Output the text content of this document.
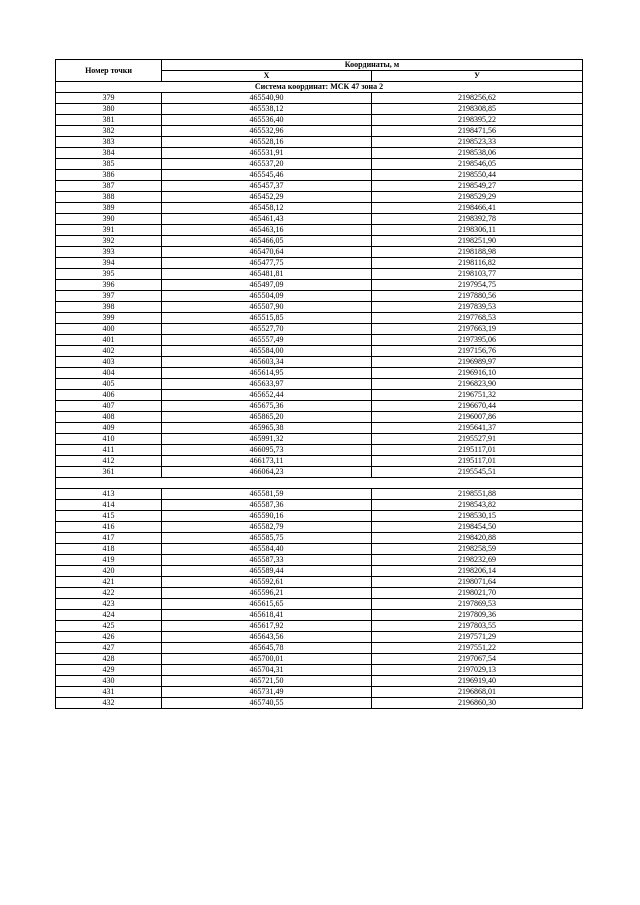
Номер точки	Координаты, м	
	Х	У
Система координат: МСК 47 зона 2		
379	465540,90	2198256,62
380	465538,12	2198308,85
381	465536,40	2198395,22
382	465532,96	2198471,56
383	465528,16	2198523,33
384	465531,91	2198538,06
385	465537,20	2198546,05
386	465545,46	2198550,44
387	465457,37	2198549,27
388	465452,29	2198529,29
389	465458,12	2198466,41
390	465461,43	2198392,78
391	465463,16	2198306,11
392	465466,05	2198251,90
393	465470,64	2198188,98
394	465477,75	2198116,82
395	465481,81	2198103,77
396	465497,09	2197954,75
397	465504,09	2197880,56
398	465507,90	2197839,53
399	465515,85	2197768,53
400	465527,70	2197663,19
401	465557,49	2197395,06
402	465584,00	2197156,76
403	465603,34	2196989,97
404	465614,95	2196916,10
405	465633,97	2196823,90
406	465652,44	2196751,32
407	465675,36	2196670,44
408	465865,20	2196007,86
409	465965,38	2195641,37
410	465991,32	2195527,91
411	466095,73	2195117,01
412	466173,11	2195117,01
361	466064,23	2195545,51

413	465581,59	2198551,88
414	465587,36	2198543,82
415	465590,16	2198530,15
416	465582,79	2198454,50
417	465585,75	2198420,88
418	465584,40	2198258,59
419	465587,33	2198232,69
420	465589,44	2198206,14
421	465592,61	2198071,64
422	465596,21	2198021,70
423	465615,65	2197869,53
424	465618,41	2197809,36
425	465617,92	2197803,55
426	465643,56	2197571,29
427	465645,78	2197551,22
428	465700,01	2197067,54
429	465704,31	2197029,13
430	465721,50	2196919,40
431	465731,49	2196868,01
432	465740,55	2196860,30
